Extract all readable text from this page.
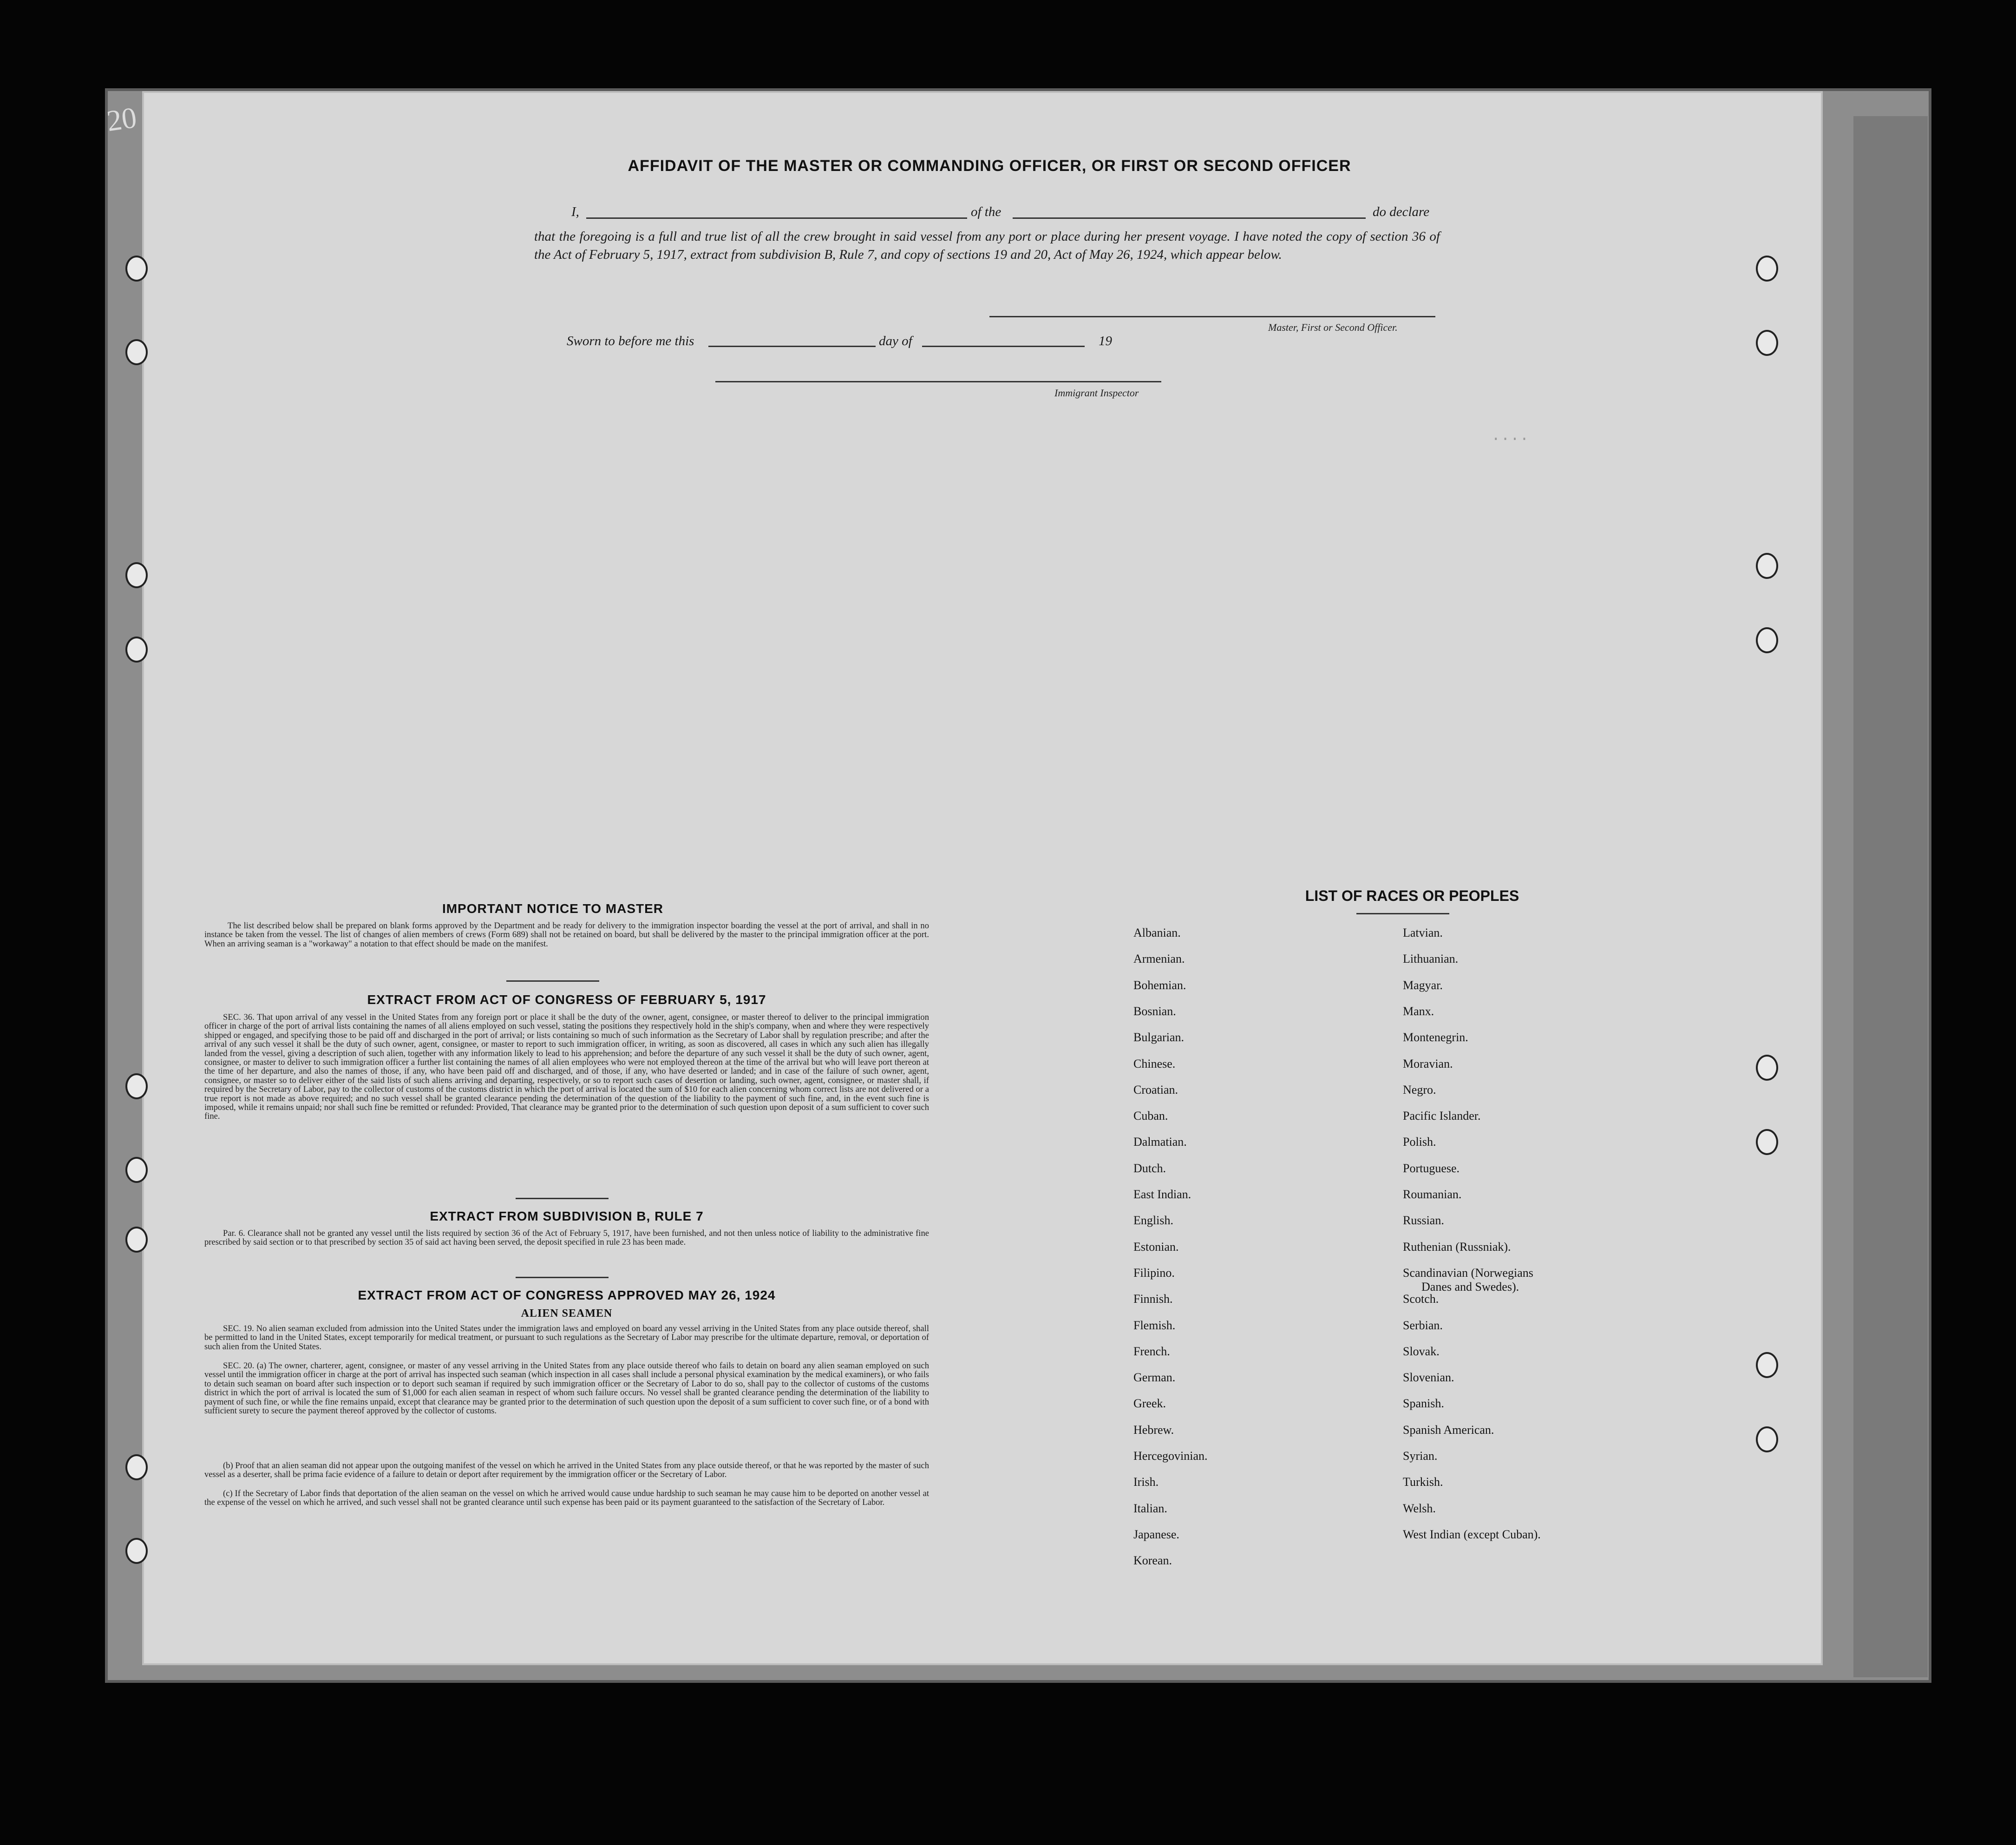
20
....
AFFIDAVIT OF THE MASTER OR COMMANDING OFFICER, OR FIRST OR SECOND OFFICER
I,	of the	do declare
that the foregoing is a full and true list of all the crew brought in said vessel from any port or place during her present voyage. I have noted the copy of section 36 of the Act of February 5, 1917, extract from subdivision B, Rule 7, and copy of sections 19 and 20, Act of May 26, 1924, which appear below.
Master, First or Second Officer.
Sworn to before me this	day of	19
Immigrant Inspector
IMPORTANT NOTICE TO MASTER
The list described below shall be prepared on blank forms approved by the Department and be ready for delivery to the immigration inspector boarding the vessel at the port of arrival, and shall in no instance be taken from the vessel. The list of changes of alien members of crews (Form 689) shall not be retained on board, but shall be delivered by the master to the principal immigration officer at the port. When an arriving seaman is a "workaway" a notation to that effect should be made on the manifest.
EXTRACT FROM ACT OF CONGRESS OF FEBRUARY 5, 1917
SEC. 36. That upon arrival of any vessel in the United States from any foreign port or place it shall be the duty of the owner, agent, consignee, or master thereof to deliver to the principal immigration officer in charge of the port of arrival lists containing the names of all aliens employed on such vessel, stating the positions they respectively hold in the ship's company, when and where they were respectively shipped or engaged, and specifying those to be paid off and discharged in the port of arrival; or lists containing so much of such information as the Secretary of Labor shall by regulation prescribe; and after the arrival of any such vessel it shall be the duty of such owner, agent, consignee, or master to report to such immigration officer, in writing, as soon as discovered, all cases in which any such alien has illegally landed from the vessel, giving a description of such alien, together with any information likely to lead to his apprehension; and before the departure of any such vessel it shall be the duty of such owner, agent, consignee, or master to deliver to such immigration officer a further list containing the names of all alien employees who were not employed thereon at the time of the arrival but who will leave port thereon at the time of her departure, and also the names of those, if any, who have been paid off and discharged, and of those, if any, who have deserted or landed; and in case of the failure of such owner, agent, consignee, or master so to deliver either of the said lists of such aliens arriving and departing, respectively, or so to report such cases of desertion or landing, such owner, agent, consignee, or master shall, if required by the Secretary of Labor, pay to the collector of customs of the customs district in which the port of arrival is located the sum of $10 for each alien concerning whom correct lists are not delivered or a true report is not made as above required; and no such vessel shall be granted clearance pending the determination of the question of the liability to the payment of such fine, and, in the event such fine is imposed, while it remains unpaid; nor shall such fine be remitted or refunded: Provided, That clearance may be granted prior to the determination of such question upon deposit of a sum sufficient to cover such fine.
EXTRACT FROM SUBDIVISION B, RULE 7
Par. 6. Clearance shall not be granted any vessel until the lists required by section 36 of the Act of February 5, 1917, have been furnished, and not then unless notice of liability to the administrative fine prescribed by said section or to that prescribed by section 35 of said act having been served, the deposit specified in rule 23 has been made.
EXTRACT FROM ACT OF CONGRESS APPROVED MAY 26, 1924
ALIEN SEAMEN
SEC. 19. No alien seaman excluded from admission into the United States under the immigration laws and employed on board any vessel arriving in the United States from any place outside thereof, shall be permitted to land in the United States, except temporarily for medical treatment, or pursuant to such regulations as the Secretary of Labor may prescribe for the ultimate departure, removal, or deportation of such alien from the United States.
SEC. 20. (a) The owner, charterer, agent, consignee, or master of any vessel arriving in the United States from any place outside thereof who fails to detain on board any alien seaman employed on such vessel until the immigration officer in charge at the port of arrival has inspected such seaman (which inspection in all cases shall include a personal physical examination by the medical examiners), or who fails to detain such seaman on board after such inspection or to deport such seaman if required by such immigration officer or the Secretary of Labor to do so, shall pay to the collector of customs of the customs district in which the port of arrival is located the sum of $1,000 for each alien seaman in respect of whom such failure occurs. No vessel shall be granted clearance pending the determination of the liability to payment of such fine, or while the fine remains unpaid, except that clearance may be granted prior to the determination of such question upon the deposit of a sum sufficient to cover such fine, or of a bond with sufficient surety to secure the payment thereof approved by the collector of customs.
(b) Proof that an alien seaman did not appear upon the outgoing manifest of the vessel on which he arrived in the United States from any place outside thereof, or that he was reported by the master of such vessel as a deserter, shall be prima facie evidence of a failure to detain or deport after requirement by the immigration officer or the Secretary of Labor.
(c) If the Secretary of Labor finds that deportation of the alien seaman on the vessel on which he arrived would cause undue hardship to such seaman he may cause him to be deported on another vessel at the expense of the vessel on which he arrived, and such vessel shall not be granted clearance until such expense has been paid or its payment guaranteed to the satisfaction of the Secretary of Labor.
LIST OF RACES OR PEOPLES
Albanian.
Armenian.
Bohemian.
Bosnian.
Bulgarian.
Chinese.
Croatian.
Cuban.
Dalmatian.
Dutch.
East Indian.
English.
Estonian.
Filipino.
Finnish.
Flemish.
French.
German.
Greek.
Hebrew.
Hercegovinian.
Irish.
Italian.
Japanese.
Korean.
Latvian.
Lithuanian.
Magyar.
Manx.
Montenegrin.
Moravian.
Negro.
Pacific Islander.
Polish.
Portuguese.
Roumanian.
Russian.
Ruthenian (Russniak).
Scandinavian (Norwegians
Danes and Swedes).
Scotch.
Serbian.
Slovak.
Slovenian.
Spanish.
Spanish American.
Syrian.
Turkish.
Welsh.
West Indian (except Cuban).
